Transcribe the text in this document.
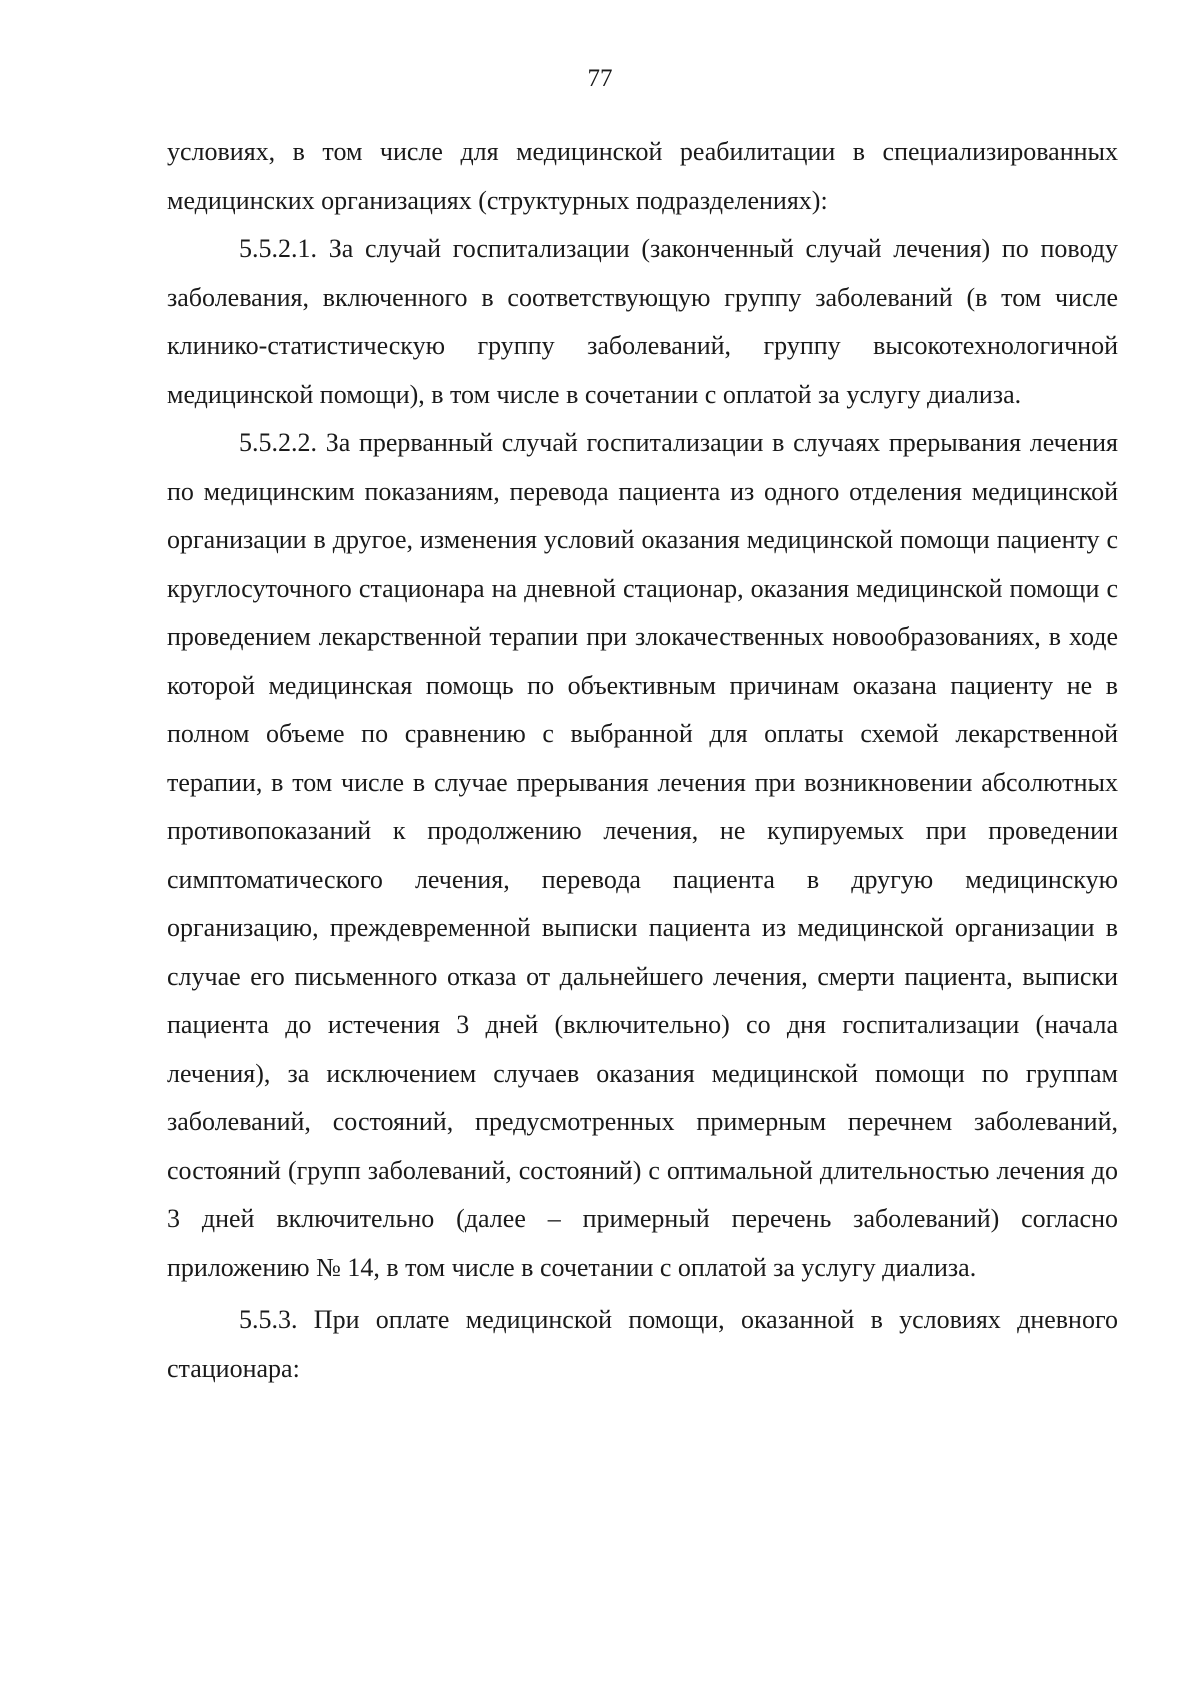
77

условиях, в том числе для медицинской реабилитации в специализированных медицинских организациях (структурных подразделениях):

5.5.2.1. За случай госпитализации (законченный случай лечения) по поводу заболевания, включенного в соответствующую группу заболеваний (в том числе клинико-статистическую группу заболеваний, группу высокотехнологичной медицинской помощи), в том числе в сочетании с оплатой за услугу диализа.

5.5.2.2. За прерванный случай госпитализации в случаях прерывания лечения по медицинским показаниям, перевода пациента из одного отделения медицинской организации в другое, изменения условий оказания медицинской помощи пациенту с круглосуточного стационара на дневной стационар, оказания медицинской помощи с проведением лекарственной терапии при злокачественных новообразованиях, в ходе которой медицинская помощь по объективным причинам оказана пациенту не в полном объеме по сравнению с выбранной для оплаты схемой лекарственной терапии, в том числе в случае прерывания лечения при возникновении абсолютных противопоказаний к продолжению лечения, не купируемых при проведении симптоматического лечения, перевода пациента в другую медицинскую организацию, преждевременной выписки пациента из медицинской организации в случае его письменного отказа от дальнейшего лечения, смерти пациента, выписки пациента до истечения 3 дней (включительно) со дня госпитализации (начала лечения), за исключением случаев оказания медицинской помощи по группам заболеваний, состояний, предусмотренных примерным перечнем заболеваний, состояний (групп заболеваний, состояний) с оптимальной длительностью лечения до 3 дней включительно (далее – примерный перечень заболеваний) согласно приложению № 14, в том числе в сочетании с оплатой за услугу диализа.

5.5.3. При оплате медицинской помощи, оказанной в условиях дневного стационара:
